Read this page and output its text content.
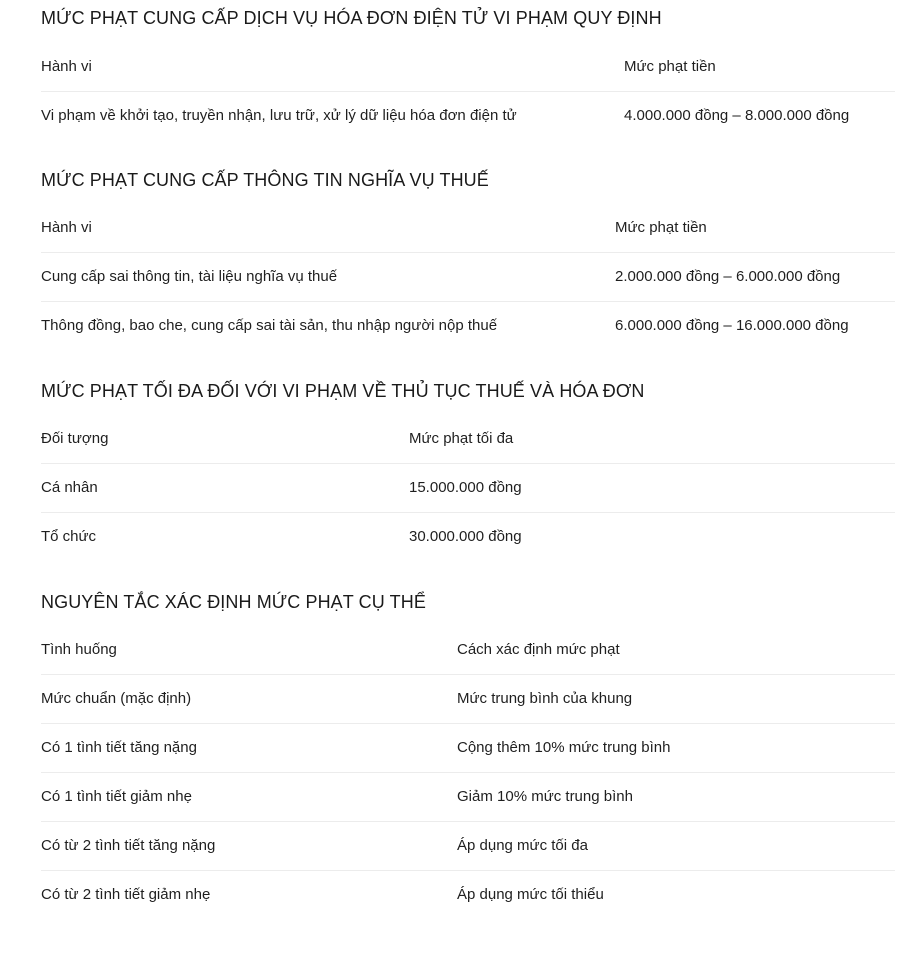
MỨC PHẠT CUNG CẤP DỊCH VỤ HÓA ĐƠN ĐIỆN TỬ VI PHẠM QUY ĐỊNH
Hành vi	Mức phạt tiền
Vi phạm về khởi tạo, truyền nhận, lưu trữ, xử lý dữ liệu hóa đơn điện tử	4.000.000 đồng – 8.000.000 đồng
MỨC PHẠT CUNG CẤP THÔNG TIN NGHĨA VỤ THUẾ
Hành vi	Mức phạt tiền
Cung cấp sai thông tin, tài liệu nghĩa vụ thuế	2.000.000 đồng – 6.000.000 đồng
Thông đồng, bao che, cung cấp sai tài sản, thu nhập người nộp thuế	6.000.000 đồng – 16.000.000 đồng
MỨC PHẠT TỐI ĐA ĐỐI VỚI VI PHẠM VỀ THỦ TỤC THUẾ VÀ HÓA ĐƠN
Đối tượng	Mức phạt tối đa
Cá nhân	15.000.000 đồng
Tổ chức	30.000.000 đồng
NGUYÊN TẮC XÁC ĐỊNH MỨC PHẠT CỤ THỂ
Tình huống	Cách xác định mức phạt
Mức chuẩn (mặc định)	Mức trung bình của khung
Có 1 tình tiết tăng nặng	Cộng thêm 10% mức trung bình
Có 1 tình tiết giảm nhẹ	Giảm 10% mức trung bình
Có từ 2 tình tiết tăng nặng	Áp dụng mức tối đa
Có từ 2 tình tiết giảm nhẹ	Áp dụng mức tối thiểu
